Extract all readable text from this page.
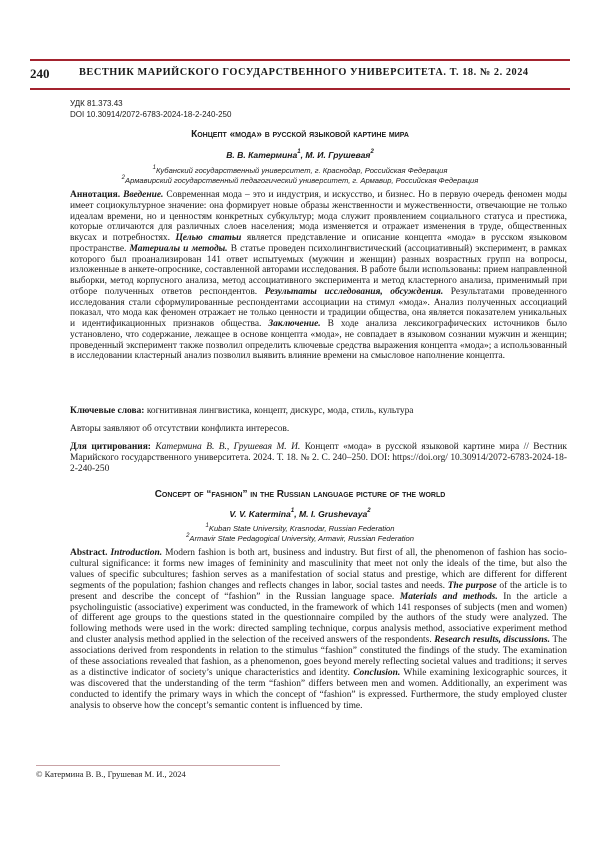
240	ВЕСТНИК МАРИЙСКОГО ГОСУДАРСТВЕННОГО УНИВЕРСИТЕТА. Т. 18. № 2. 2024
УДК 81.373.43
DOI 10.30914/2072-6783-2024-18-2-240-250
Концепт «мода» в русской языковой картине мира
В. В. Катермина1, М. И. Грушевая2
1Кубанский государственный университет, г. Краснодар, Российская Федерация
2Армавирский государственный педагогический университет, г. Армавир, Российская Федерация
Аннотация. Введение. Современная мода – это и индустрия, и искусство, и бизнес. Но в первую очередь феномен моды имеет социокультурное значение: она формирует новые образы женственности и мужественности, отвечающие не только идеалам времени, но и ценностям конкретных субкультур; мода служит проявлением социального статуса и престижа, которые отличаются для различных слоев населения; мода изменяется и отражает изменения в труде, общественных вкусах и потребностях. Целью статьи является представление и описание концепта «мода» в русском языковом пространстве. Материалы и методы. В статье проведен психолингвистический (ассоциативный) эксперимент, в рамках которого был проанализирован 141 ответ испытуемых (мужчин и женщин) разных возрастных групп на вопросы, изложенные в анкете-опроснике, составленной авторами исследования. В работе были использованы: прием направленной выборки, метод корпусного анализа, метод ассоциативного эксперимента и метод кластерного анализа, применимый при отборе полученных ответов респондентов. Результаты исследования, обсуждения. Результатами проведенного исследования стали сформулированные респондентами ассоциации на стимул «мода». Анализ полученных ассоциаций показал, что мода как феномен отражает не только ценности и традиции общества, она является показателем уникальных и идентификационных признаков общества. Заключение. В ходе анализа лексикографических источников было установлено, что содержание, лежащее в основе концепта «мода», не совпадает в языковом сознании мужчин и женщин; проведенный эксперимент также позволил определить ключевые средства выражения концепта «мода»; а использованный в исследовании кластерный анализ позволил выявить влияние времени на смысловое наполнение концепта.
Ключевые слова: когнитивная лингвистика, концепт, дискурс, мода, стиль, культура
Авторы заявляют об отсутствии конфликта интересов.
Для цитирования: Катермина В. В., Грушевая М. И. Концепт «мода» в русской языковой картине мира // Вестник Марийского государственного университета. 2024. Т. 18. № 2. С. 240–250. DOI: https://doi.org/ 10.30914/2072-6783-2024-18-2-240-250
Concept of “fashion” in the Russian language picture of the world
V. V. Katermina1, M. I. Grushevaya2
1Kuban State University, Krasnodar, Russian Federation
2Armavir State Pedagogical University, Armavir, Russian Federation
Abstract. Introduction. Modern fashion is both art, business and industry. But first of all, the phenomenon of fashion has socio-cultural significance: it forms new images of femininity and masculinity that meet not only the ideals of the time, but also the values of specific subcultures; fashion serves as a manifestation of social status and prestige, which are different for different segments of the population; fashion changes and reflects changes in labor, social tastes and needs. The purpose of the article is to present and describe the concept of “fashion” in the Russian language space. Materials and methods. In the article a psycholinguistic (associative) experiment was conducted, in the framework of which 141 responses of subjects (men and women) of different age groups to the questions stated in the questionnaire compiled by the authors of the study were analyzed. The following methods were used in the work: directed sampling technique, corpus analysis method, associative experiment method and cluster analysis method applied in the selection of the received answers of the respondents. Research results, discussions. The associations derived from respondents in relation to the stimulus “fashion” constituted the findings of the study. The examination of these associations revealed that fashion, as a phenomenon, goes beyond merely reflecting societal values and traditions; it serves as a distinctive indicator of society’s unique characteristics and identity. Conclusion. While examining lexicographic sources, it was discovered that the understanding of the term “fashion” differs between men and women. Additionally, an experiment was conducted to identify the primary ways in which the concept of “fashion” is expressed. Furthermore, the study employed cluster analysis to observe how the concept’s semantic content is influenced by time.
© Катермина В. В., Грушевая М. И., 2024
